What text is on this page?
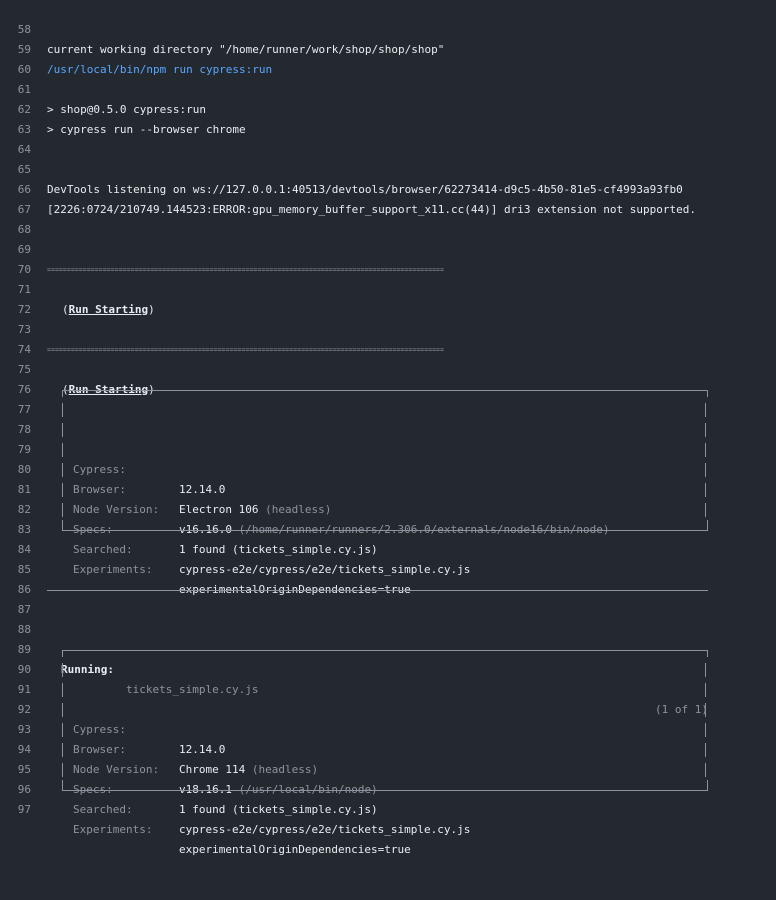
58

current working directory "/home/runner/work/shop/shop/shop"

59

/usr/local/bin/npm run cypress:run

60

61

> shop@0.5.0 cypress:run

62

> cypress run --browser chrome

63

64

65

DevTools listening on ws://127.0.0.1:40513/devtools/browser/62273414-d9c5-4b50-81e5-cf4993a93fb0

66

[2226:0724/210749.144523:ERROR:gpu_memory_buffer_support_x11.cc(44)] dri3 extension not supported.

67

68

69

====================================================================================================

70

71

(Run Starting)

72

73

====================================================================================================

74

75

(Run Starting)

76

77

78

Cypress:

12.14.0

79

Browser:

Electron 106 (headless)

80

Node Version:

v16.16.0 (/home/runner/runners/2.306.0/externals/node16/bin/node)

81

Specs:

1 found (tickets_simple.cy.js)

82

Searched:

cypress-e2e/cypress/e2e/tickets_simple.cy.js

83

Experiments:

experimentalOriginDependencies=true

84

85

86

87

88

89

Running:

tickets_simple.cy.js

(1 of 1)

90

91

Cypress:

12.14.0

92

Browser:

Chrome 114 (headless)

93

Node Version:

v18.16.1 (/usr/local/bin/node)

94

Specs:

1 found (tickets_simple.cy.js)

95

Searched:

cypress-e2e/cypress/e2e/tickets_simple.cy.js

96

Experiments:

experimentalOriginDependencies=true

97
